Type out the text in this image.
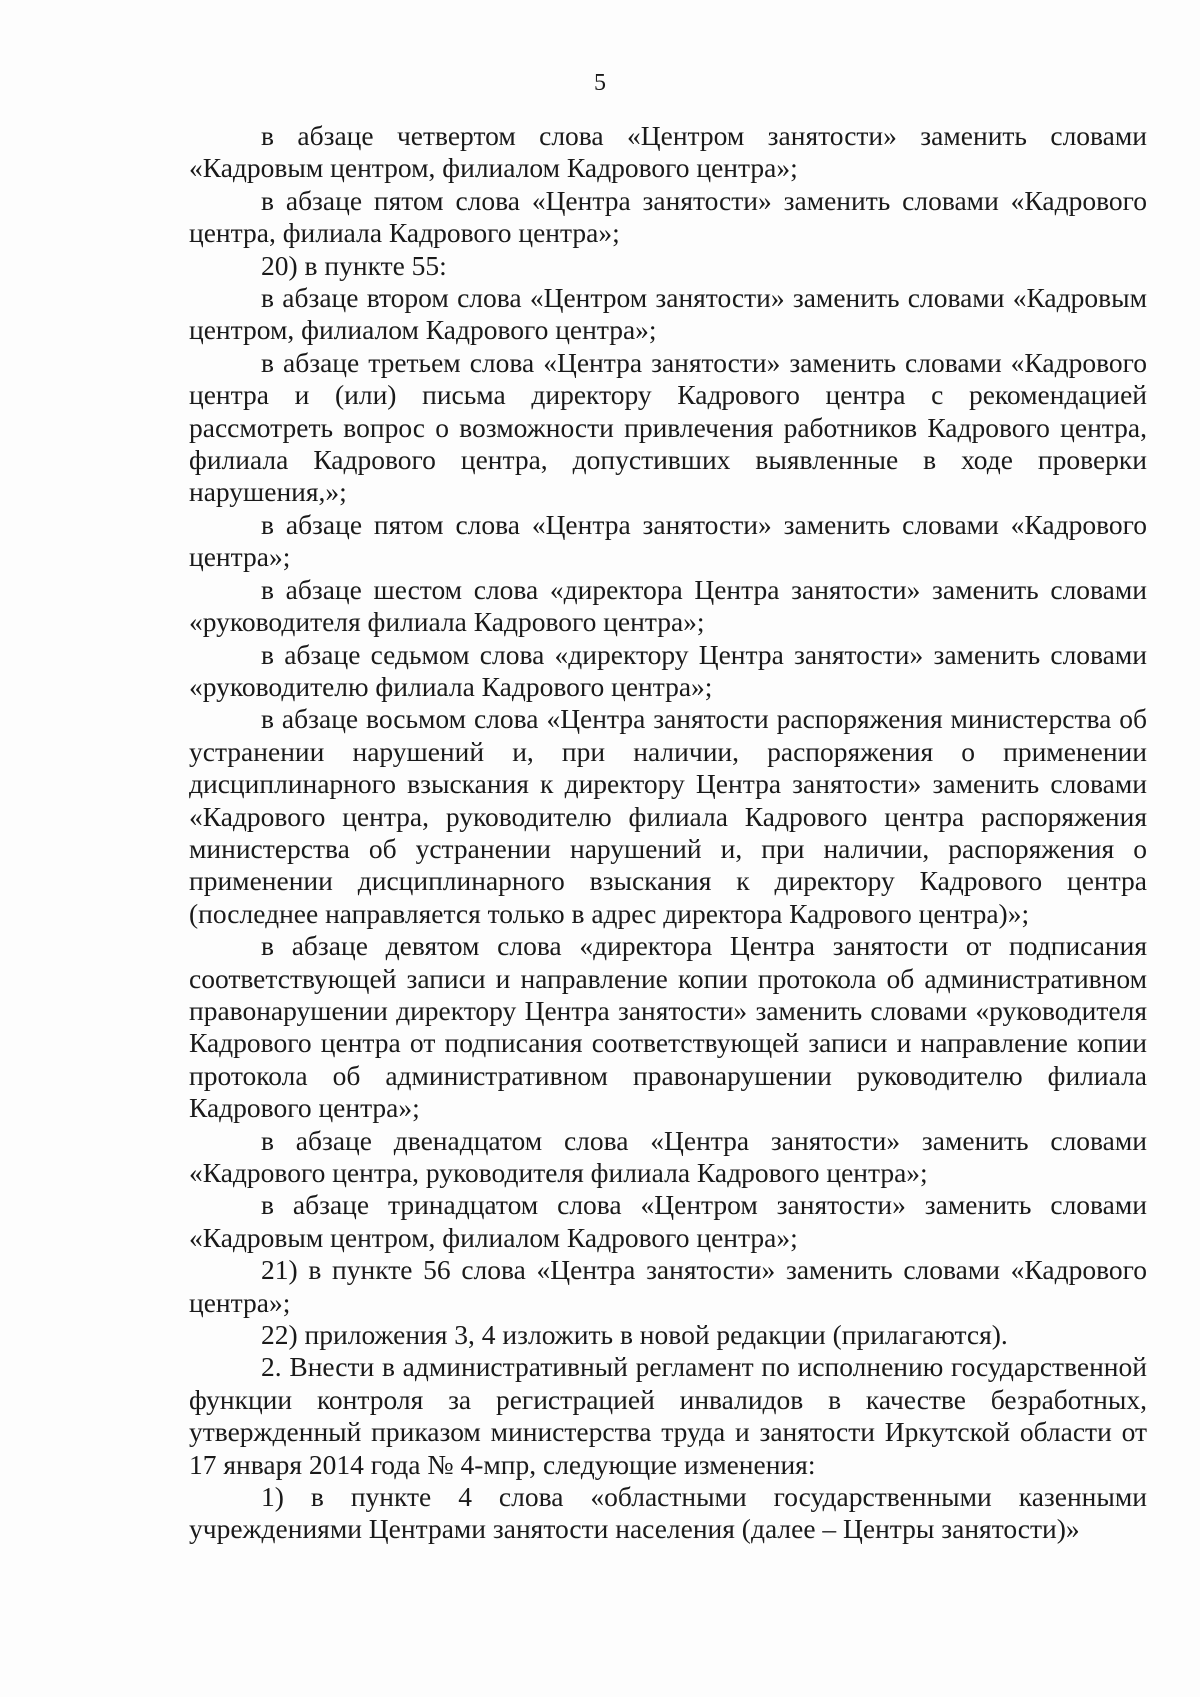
5

в абзаце четвертом слова «Центром занятости» заменить словами «Кадровым центром, филиалом Кадрового центра»;

в абзаце пятом слова «Центра занятости» заменить словами «Кадрового центра, филиала Кадрового центра»;

20) в пункте 55:

в абзаце втором слова «Центром занятости» заменить словами «Кадровым центром, филиалом Кадрового центра»;

в абзаце третьем слова «Центра занятости» заменить словами «Кадрового центра и (или) письма директору Кадрового центра с рекомендацией рассмотреть вопрос о возможности привлечения работников Кадрового центра, филиала Кадрового центра, допустивших выявленные в ходе проверки нарушения,»;

в абзаце пятом слова «Центра занятости» заменить словами «Кадрового центра»;

в абзаце шестом слова «директора Центра занятости» заменить словами «руководителя филиала Кадрового центра»;

в абзаце седьмом слова «директору Центра занятости» заменить словами «руководителю филиала Кадрового центра»;

в абзаце восьмом слова «Центра занятости распоряжения министерства об устранении нарушений и, при наличии, распоряжения о применении дисциплинарного взыскания к директору Центра занятости» заменить словами «Кадрового центра, руководителю филиала Кадрового центра распоряжения министерства об устранении нарушений и, при наличии, распоряжения о применении дисциплинарного взыскания к директору Кадрового центра (последнее направляется только в адрес директора Кадрового центра)»;

в абзаце девятом слова «директора Центра занятости от подписания соответствующей записи и направление копии протокола об административном правонарушении директору Центра занятости» заменить словами «руководителя Кадрового центра от подписания соответствующей записи и направление копии протокола об административном правонарушении руководителю филиала Кадрового центра»;

в абзаце двенадцатом слова «Центра занятости» заменить словами «Кадрового центра, руководителя филиала Кадрового центра»;

в абзаце тринадцатом слова «Центром занятости» заменить словами «Кадровым центром, филиалом Кадрового центра»;

21) в пункте 56 слова «Центра занятости» заменить словами «Кадрового центра»;

22) приложения 3, 4 изложить в новой редакции (прилагаются).

2. Внести в административный регламент по исполнению государственной функции контроля за регистрацией инвалидов в качестве безработных, утвержденный приказом министерства труда и занятости Иркутской области от 17 января 2014 года № 4-мпр, следующие изменения:

1) в пункте 4 слова «областными государственными казенными учреждениями Центрами занятости населения (далее – Центры занятости)»
